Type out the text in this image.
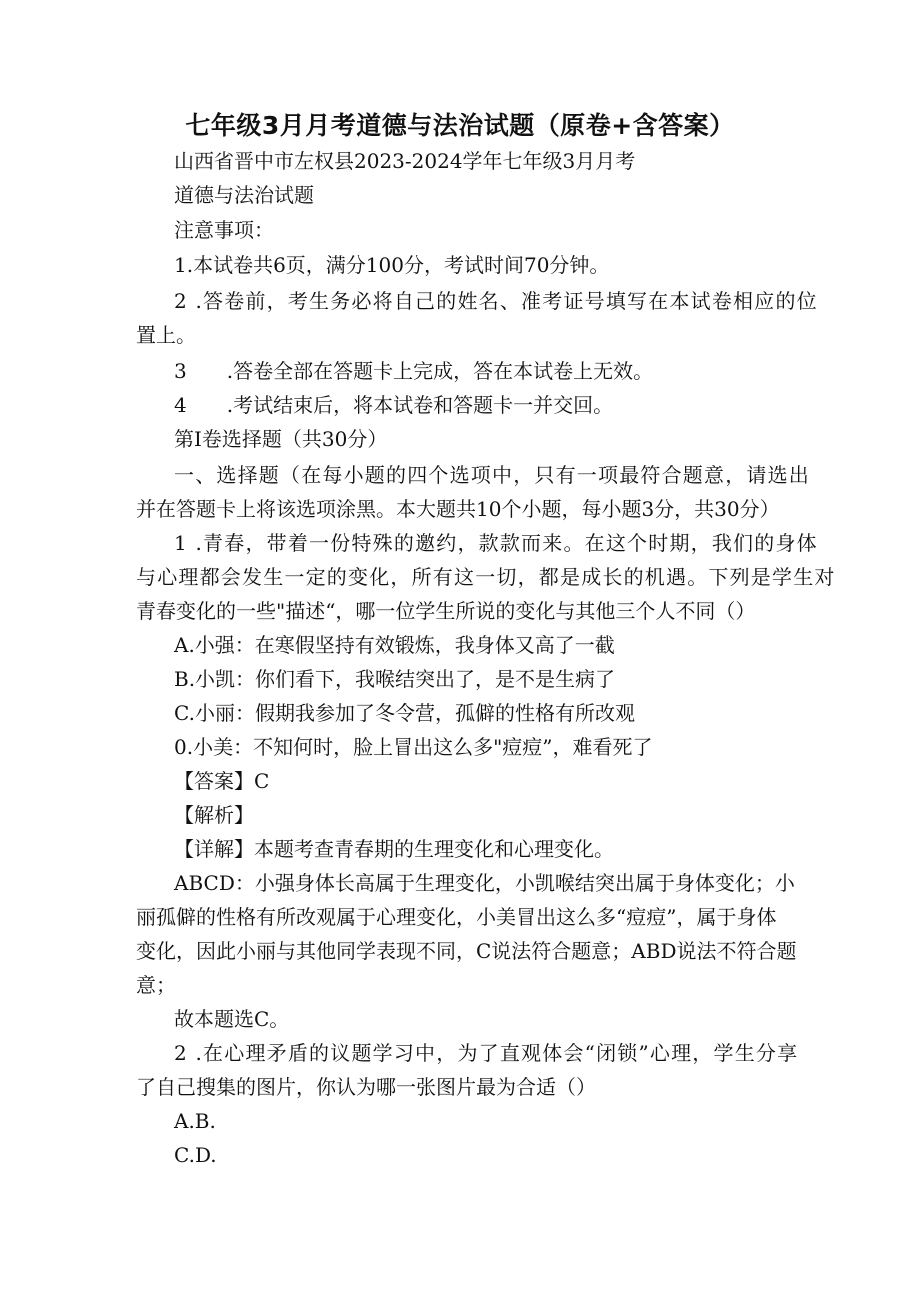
七年级3月月考道德与法治试题（原卷+含答案）

山西省晋中市左权县2023-2024学年七年级3月月考

道德与法治试题

注意事项：

1.本试卷共6页，满分100分，考试时间70分钟。

2 .答卷前，考生务必将自己的姓名、准考证号填写在本试卷相应的位

置上。

3　　.答卷全部在答题卡上完成，答在本试卷上无效。

4　　.考试结束后，将本试卷和答题卡一并交回。

第Ⅰ卷选择题（共30分）

一、选择题（在每小题的四个选项中，只有一项最符合题意，请选出

并在答题卡上将该选项涂黑。本大题共10个小题，每小题3分，共30分）

1 .青春，带着一份特殊的邀约，款款而来。在这个时期，我们的身体

与心理都会发生一定的变化，所有这一切，都是成长的机遇。下列是学生对

青春变化的一些"描述“，哪一位学生所说的变化与其他三个人不同（）

A.小强：在寒假坚持有效锻炼，我身体又高了一截

B.小凯：你们看下，我喉结突出了，是不是生病了

C.小丽：假期我参加了冬令营，孤僻的性格有所改观

0.小美：不知何时，脸上冒出这么多"痘痘”，难看死了

【答案】C

【解析】

【详解】本题考查青春期的生理变化和心理变化。

ABCD：小强身体长高属于生理变化，小凯喉结突出属于身体变化；小

丽孤僻的性格有所改观属于心理变化，小美冒出这么多“痘痘”，属于身体

变化，因此小丽与其他同学表现不同，C说法符合题意；ABD说法不符合题

意；

故本题选C。

2 .在心理矛盾的议题学习中，为了直观体会“闭锁”心理，学生分享

了自己搜集的图片，你认为哪一张图片最为合适（）

A.B.

C.D.
